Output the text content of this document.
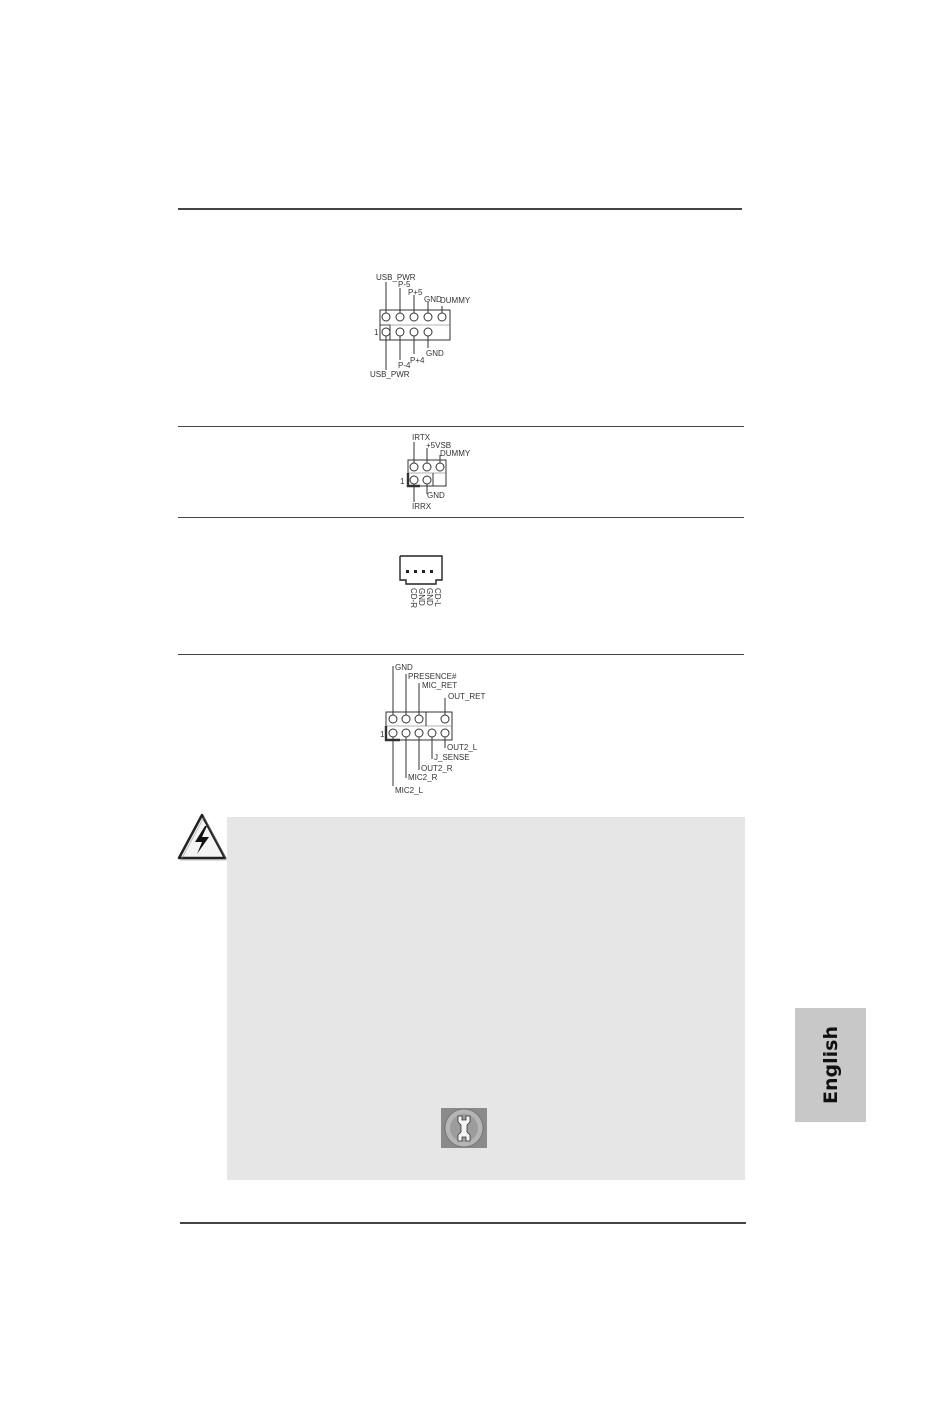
USB_PWR
P-5
P+5
GND
DUMMY
1
GND
P+4
P-4
USB_PWR
IRTX
+5VSB
DUMMY
1
GND
IRRX
CD-R GND GND CD-L
GND
PRESENCE#
MIC_RET
OUT_RET
1
OUT2_L
J_SENSE
OUT2_R
MIC2_R
MIC2_L
English
